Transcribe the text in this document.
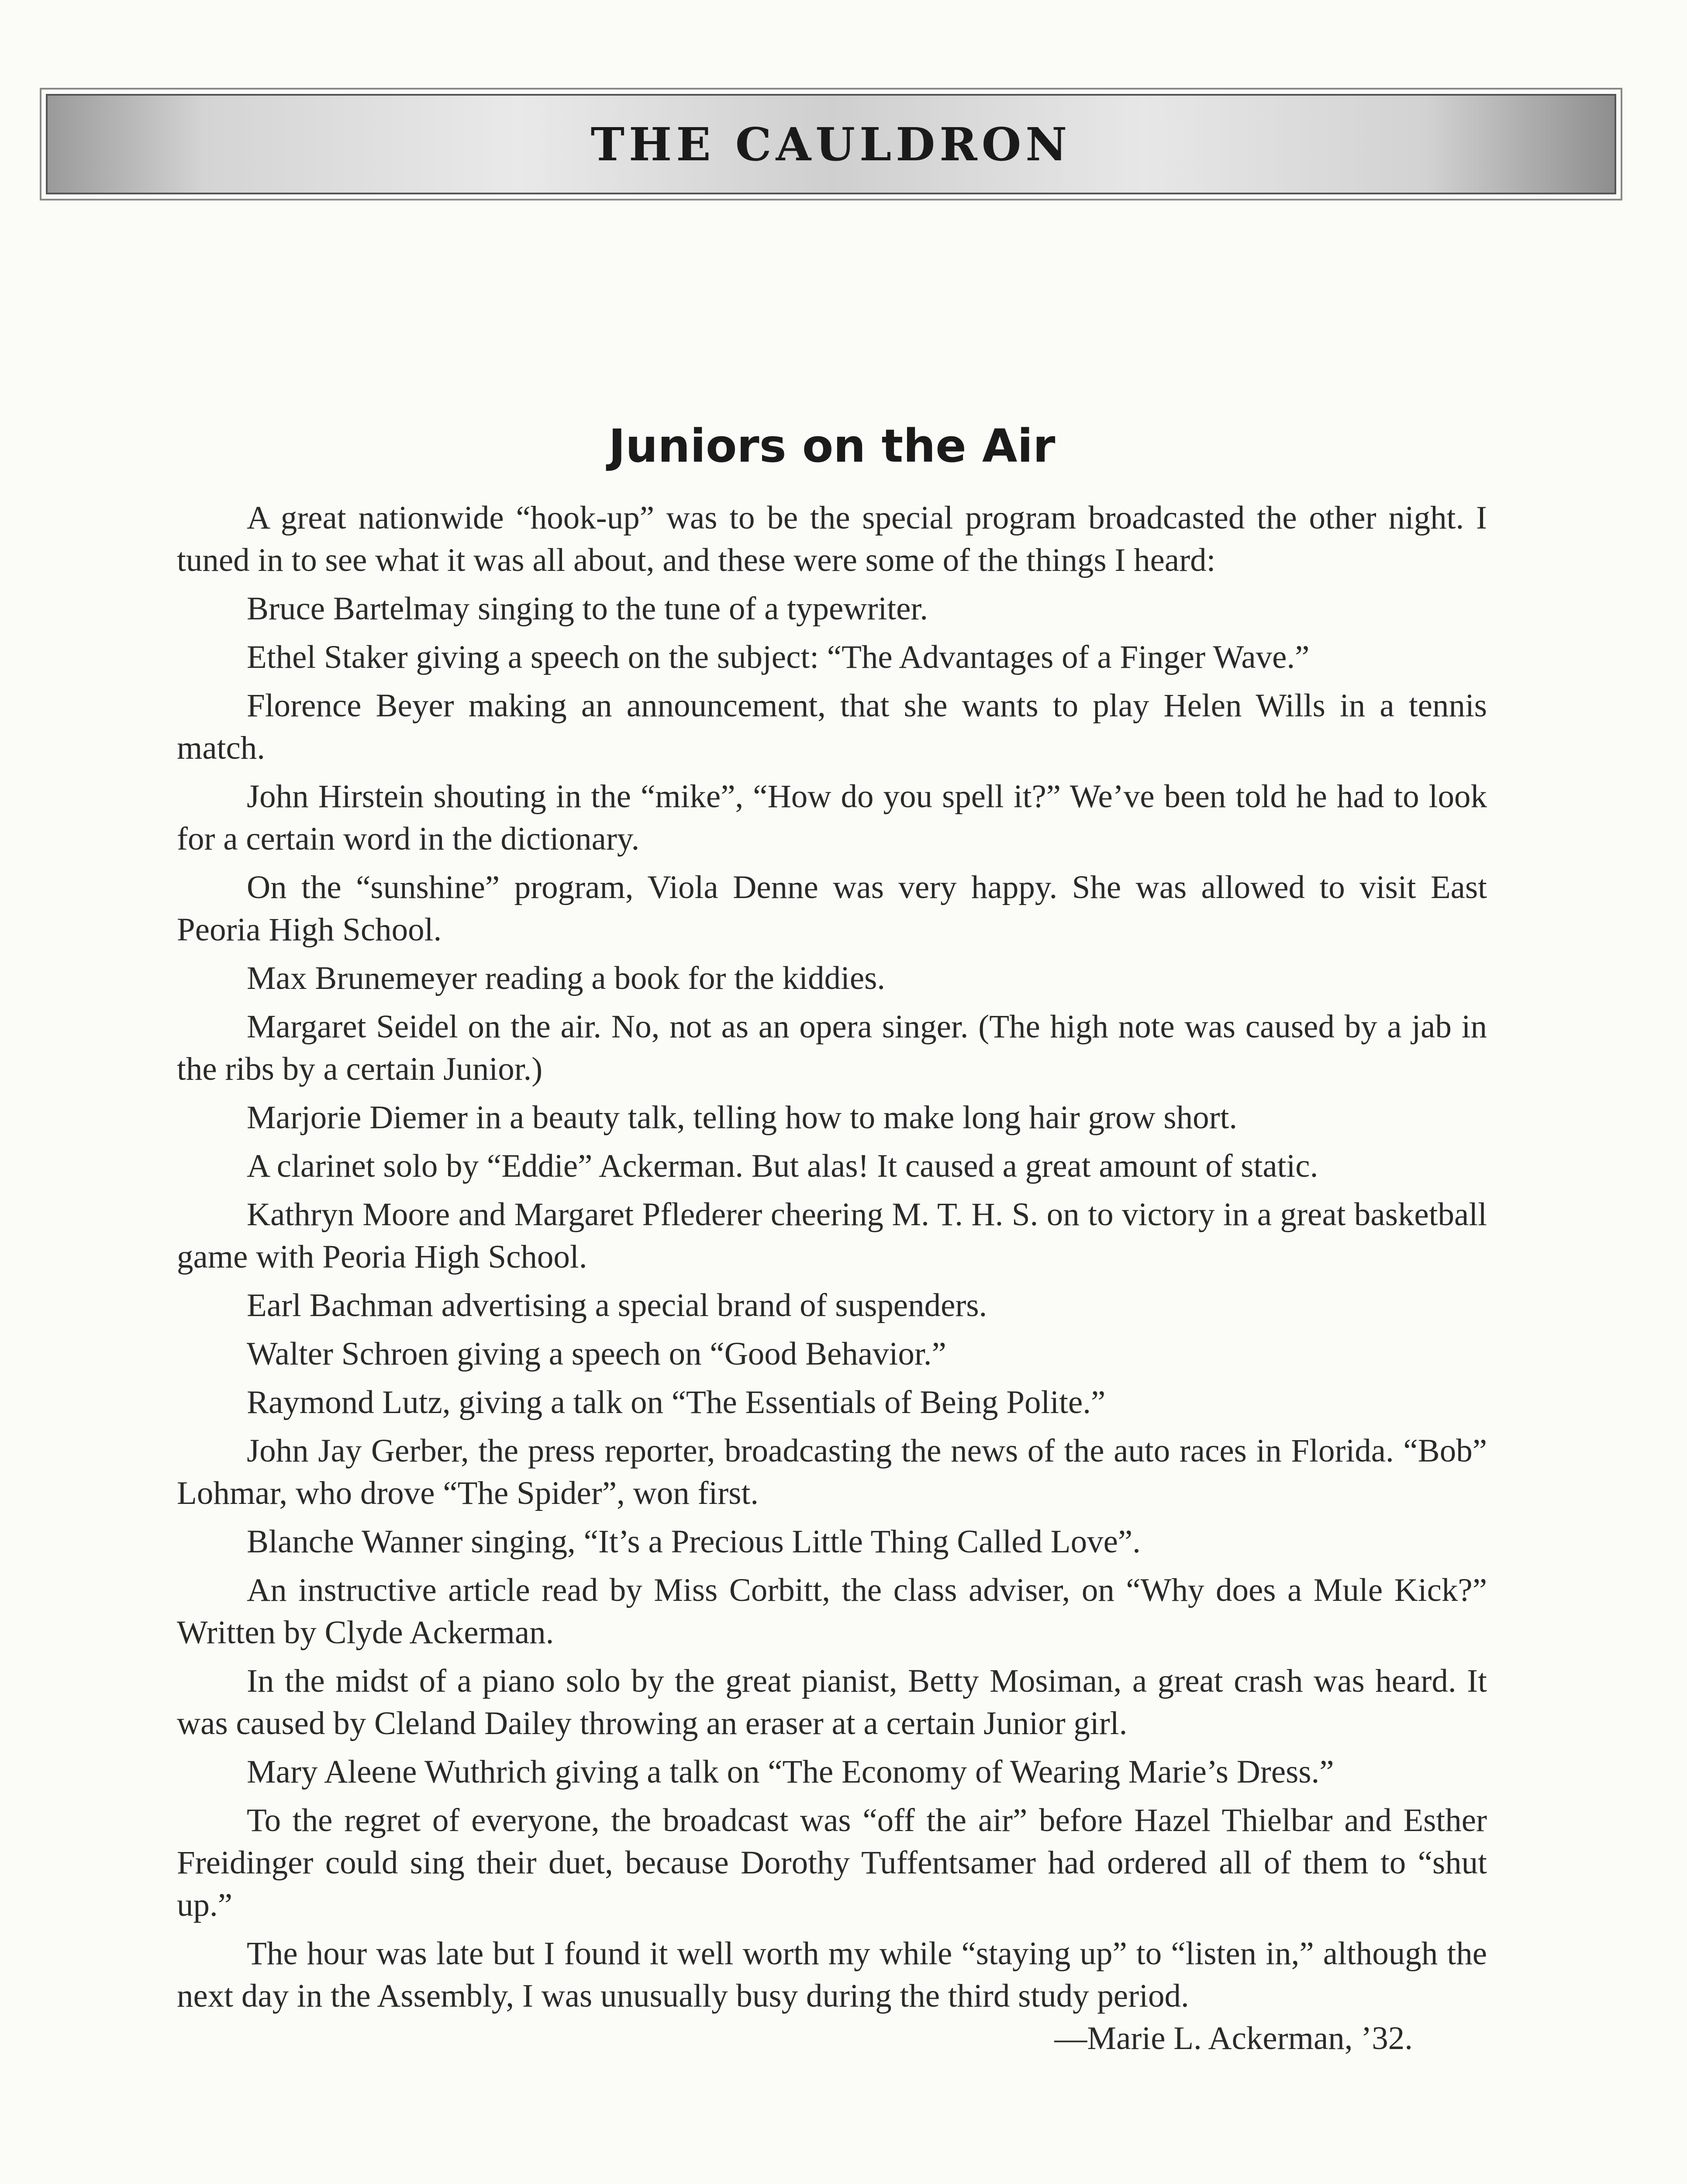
THE CAULDRON
Juniors on the Air

A great nationwide “hook-up” was to be the special program broadcasted the other night. I tuned in to see what it was all about, and these were some of the things I heard:

Bruce Bartelmay singing to the tune of a typewriter.

Ethel Staker giving a speech on the subject: “The Advantages of a Finger Wave.”

Florence Beyer making an announcement, that she wants to play Helen Wills in a tennis match.

John Hirstein shouting in the “mike”, “How do you spell it?” We’ve been told he had to look for a certain word in the dictionary.

On the “sunshine” program, Viola Denne was very happy. She was allowed to visit East Peoria High School.

Max Brunemeyer reading a book for the kiddies.

Margaret Seidel on the air. No, not as an opera singer. (The high note was caused by a jab in the ribs by a certain Junior.)

Marjorie Diemer in a beauty talk, telling how to make long hair grow short.

A clarinet solo by “Eddie” Ackerman. But alas! It caused a great amount of static.

Kathryn Moore and Margaret Pflederer cheering M. T. H. S. on to victory in a great basketball game with Peoria High School.

Earl Bachman advertising a special brand of suspenders.

Walter Schroen giving a speech on “Good Behavior.”

Raymond Lutz, giving a talk on “The Essentials of Being Polite.”

John Jay Gerber, the press reporter, broadcasting the news of the auto races in Florida. “Bob” Lohmar, who drove “The Spider”, won first.

Blanche Wanner singing, “It’s a Precious Little Thing Called Love”.

An instructive article read by Miss Corbitt, the class adviser, on “Why does a Mule Kick?” Written by Clyde Ackerman.

In the midst of a piano solo by the great pianist, Betty Mosiman, a great crash was heard. It was caused by Cleland Dailey throwing an eraser at a certain Junior girl.

Mary Aleene Wuthrich giving a talk on “The Economy of Wearing Marie’s Dress.”

To the regret of everyone, the broadcast was “off the air” before Hazel Thielbar and Esther Freidinger could sing their duet, because Dorothy Tuffentsamer had ordered all of them to “shut up.”

The hour was late but I found it well worth my while “staying up” to “listen in,” although the next day in the Assembly, I was unusually busy during the third study period.
—Marie L. Ackerman, ’32.
